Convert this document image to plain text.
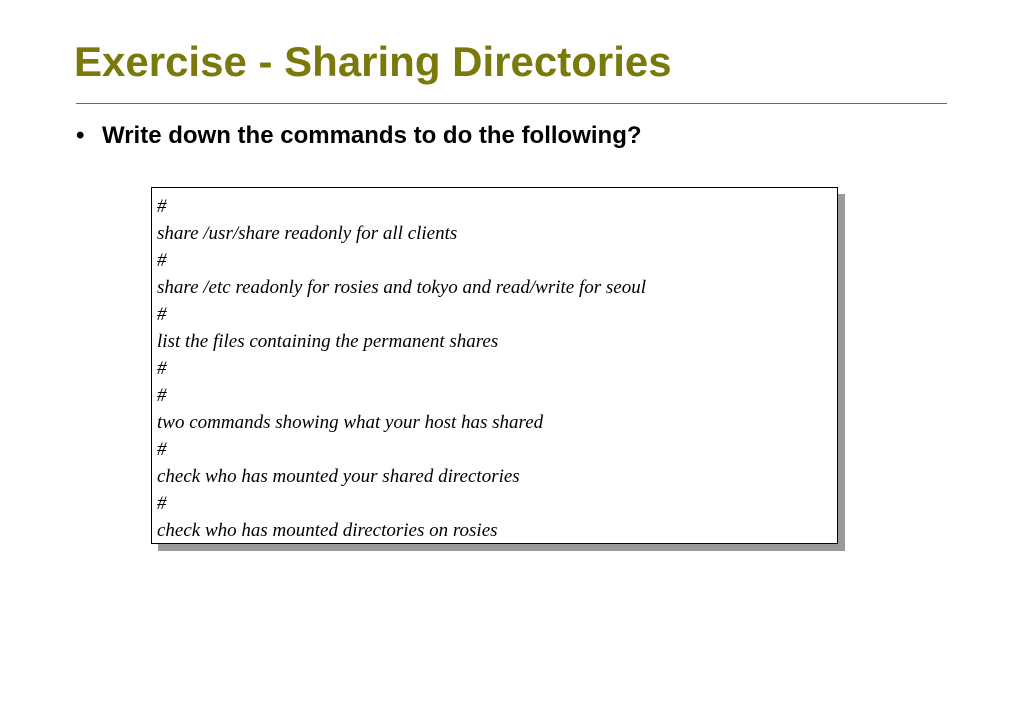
Exercise - Sharing Directories
• Write down the commands to do the following?
#
share /usr/share readonly for all clients
#
share /etc readonly for rosies and tokyo and read/write for seoul
#
list the files containing the permanent shares
#
#
two commands showing what your host has shared
#
check who has mounted your shared directories
#
check who has mounted directories on rosies
